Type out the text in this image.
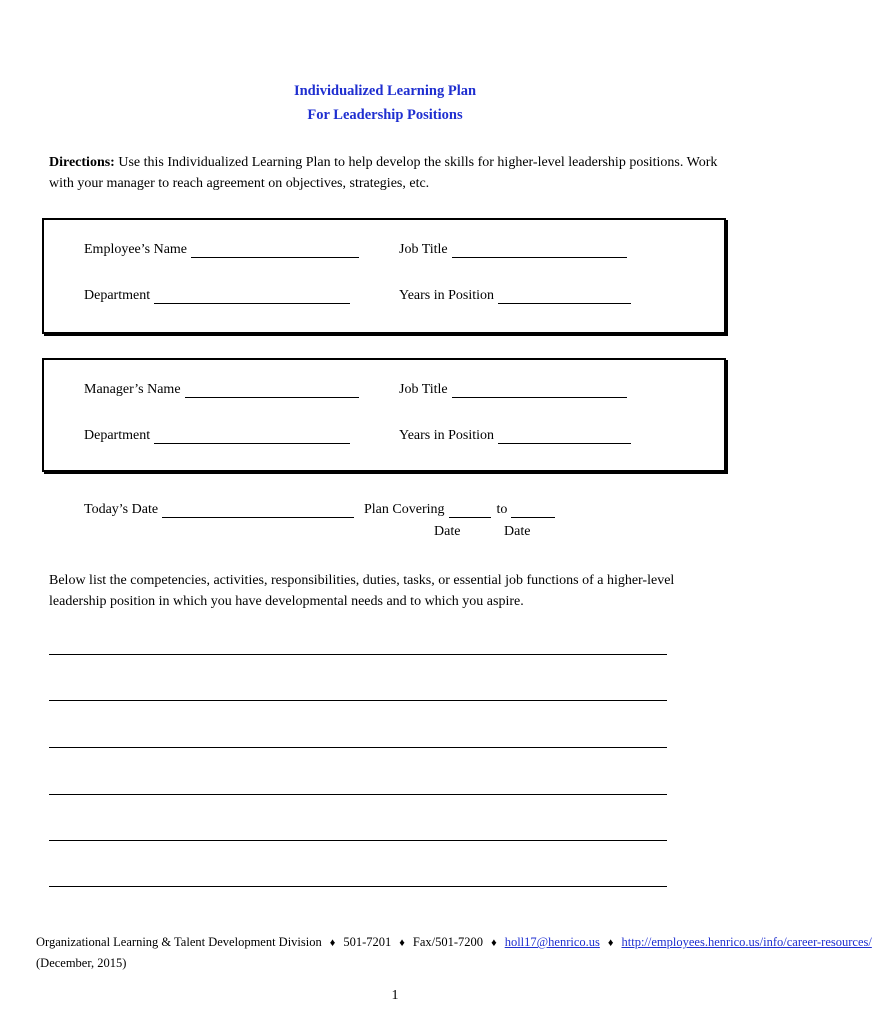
Individualized Learning Plan
For Leadership Positions
Directions: Use this Individualized Learning Plan to help develop the skills for higher-level leadership positions. Work with your manager to reach agreement on objectives, strategies, etc.
Employee’s Name	Job Title
Department	Years in Position
Manager’s Name	Job Title
Department	Years in Position
Today’s Date	Plan Covering	to
Date	Date
Below list the competencies, activities, responsibilities, duties, tasks, or essential job functions of a higher-level leadership position in which you have developmental needs and to which you aspire.
Organizational Learning & Talent Development Division ♦ 501-7201 ♦ Fax/501-7200 ♦ holl17@henrico.us ♦ http://employees.henrico.us/info/career-resources/
(December, 2015)
1
